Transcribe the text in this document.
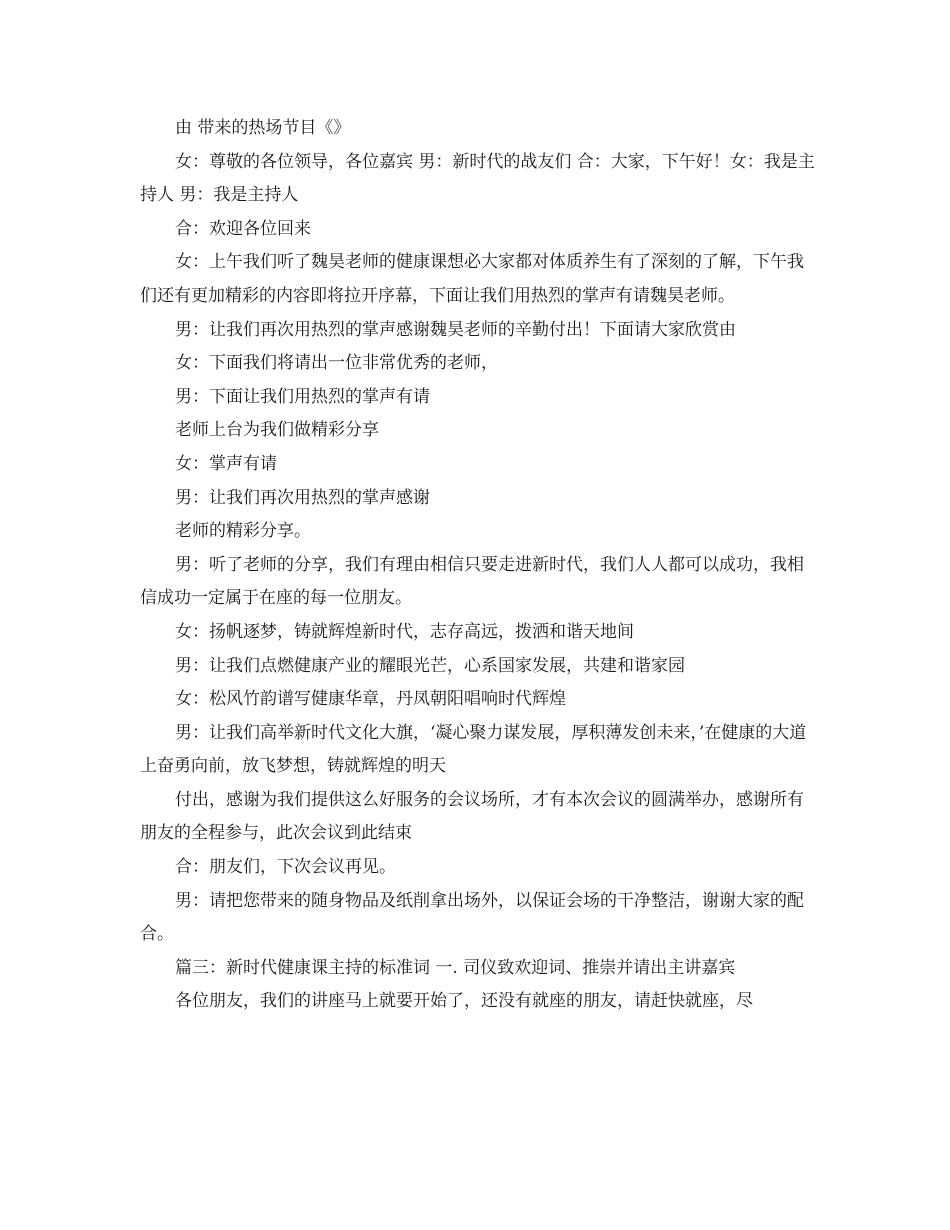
由 带来的热场节目《》

女：尊敬的各位领导，各位嘉宾 男：新时代的战友们 合：大家，下午好！女：我是主持人 男：我是主持人

合：欢迎各位回来

女：上午我们听了魏昊老师的健康课想必大家都对体质养生有了深刻的了解，下午我们还有更加精彩的内容即将拉开序幕，下面让我们用热烈的掌声有请魏昊老师。

男：让我们再次用热烈的掌声感谢魏昊老师的辛勤付出！下面请大家欣赏由

女：下面我们将请出一位非常优秀的老师，

男：下面让我们用热烈的掌声有请

老师上台为我们做精彩分享

女：掌声有请

男：让我们再次用热烈的掌声感谢

老师的精彩分享。

男：听了老师的分享，我们有理由相信只要走进新时代，我们人人都可以成功，我相信成功一定属于在座的每一位朋友。

女：扬帆逐梦，铸就辉煌新时代，志存高远，拨洒和谐天地间

男：让我们点燃健康产业的耀眼光芒，心系国家发展，共建和谐家园

女：松风竹韵谱写健康华章，丹凤朝阳唱响时代辉煌

男：让我们高举新时代文化大旗，‘凝心聚力谋发展，厚积薄发创未来，’在健康的大道上奋勇向前，放飞梦想，铸就辉煌的明天

付出，感谢为我们提供这么好服务的会议场所，才有本次会议的圆满举办，感谢所有朋友的全程参与，此次会议到此结束

合：朋友们，下次会议再见。

男：请把您带来的随身物品及纸削拿出场外，以保证会场的干净整洁，谢谢大家的配合。

篇三：新时代健康课主持的标准词 一. 司仪致欢迎词、推崇并请出主讲嘉宾

各位朋友，我们的讲座马上就要开始了，还没有就座的朋友，请赶快就座，尽
